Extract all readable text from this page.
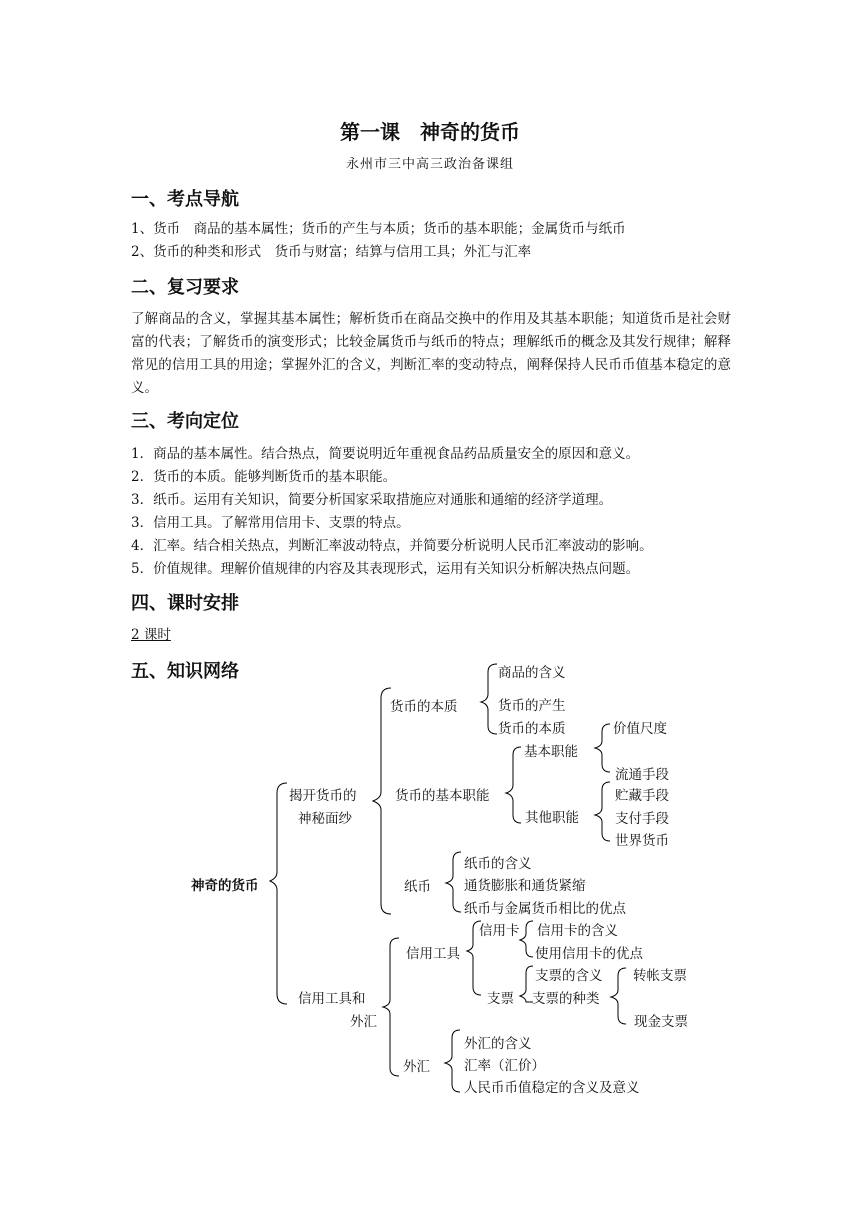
第一课　神奇的货币
永州市三中高三政治备课组
一、考点导航
1、货币　商品的基本属性；货币的产生与本质；货币的基本职能；金属货币与纸币
2、货币的种类和形式　货币与财富；结算与信用工具；外汇与汇率
二、复习要求
了解商品的含义，掌握其基本属性；解析货币在商品交换中的作用及其基本职能；知道货币是社会财富的代表；了解货币的演变形式；比较金属货币与纸币的特点；理解纸币的概念及其发行规律；解释常见的信用工具的用途；掌握外汇的含义，判断汇率的变动特点，阐释保持人民币币值基本稳定的意义。
三、考向定位
1．商品的基本属性。结合热点，简要说明近年重视食品药品质量安全的原因和意义。
2．货币的本质。能够判断货币的基本职能。
3．纸币。运用有关知识，简要分析国家采取措施应对通胀和通缩的经济学道理。
3．信用工具。了解常用信用卡、支票的特点。
4．汇率。结合相关热点，判断汇率波动特点，并简要分析说明人民币汇率波动的影响。
5．价值规律。理解价值规律的内容及其表现形式，运用有关知识分析解决热点问题。
四、课时安排
2 课时
五、知识网络
神奇的货币
揭开货币的
神秘面纱
货币的本质
商品的含义
货币的产生
货币的本质
货币的基本职能
基本职能
价值尺度
流通手段
其他职能
贮藏手段
支付手段
世界货币
纸币
纸币的含义
通货膨胀和通货紧缩
纸币与金属货币相比的优点
信用工具和
外汇
信用工具
信用卡 信用卡的含义
使用信用卡的优点
支票
支票的含义
支票的种类
转帐支票
现金支票
外汇
外汇的含义
汇率（汇价）
人民币币值稳定的含义及意义
